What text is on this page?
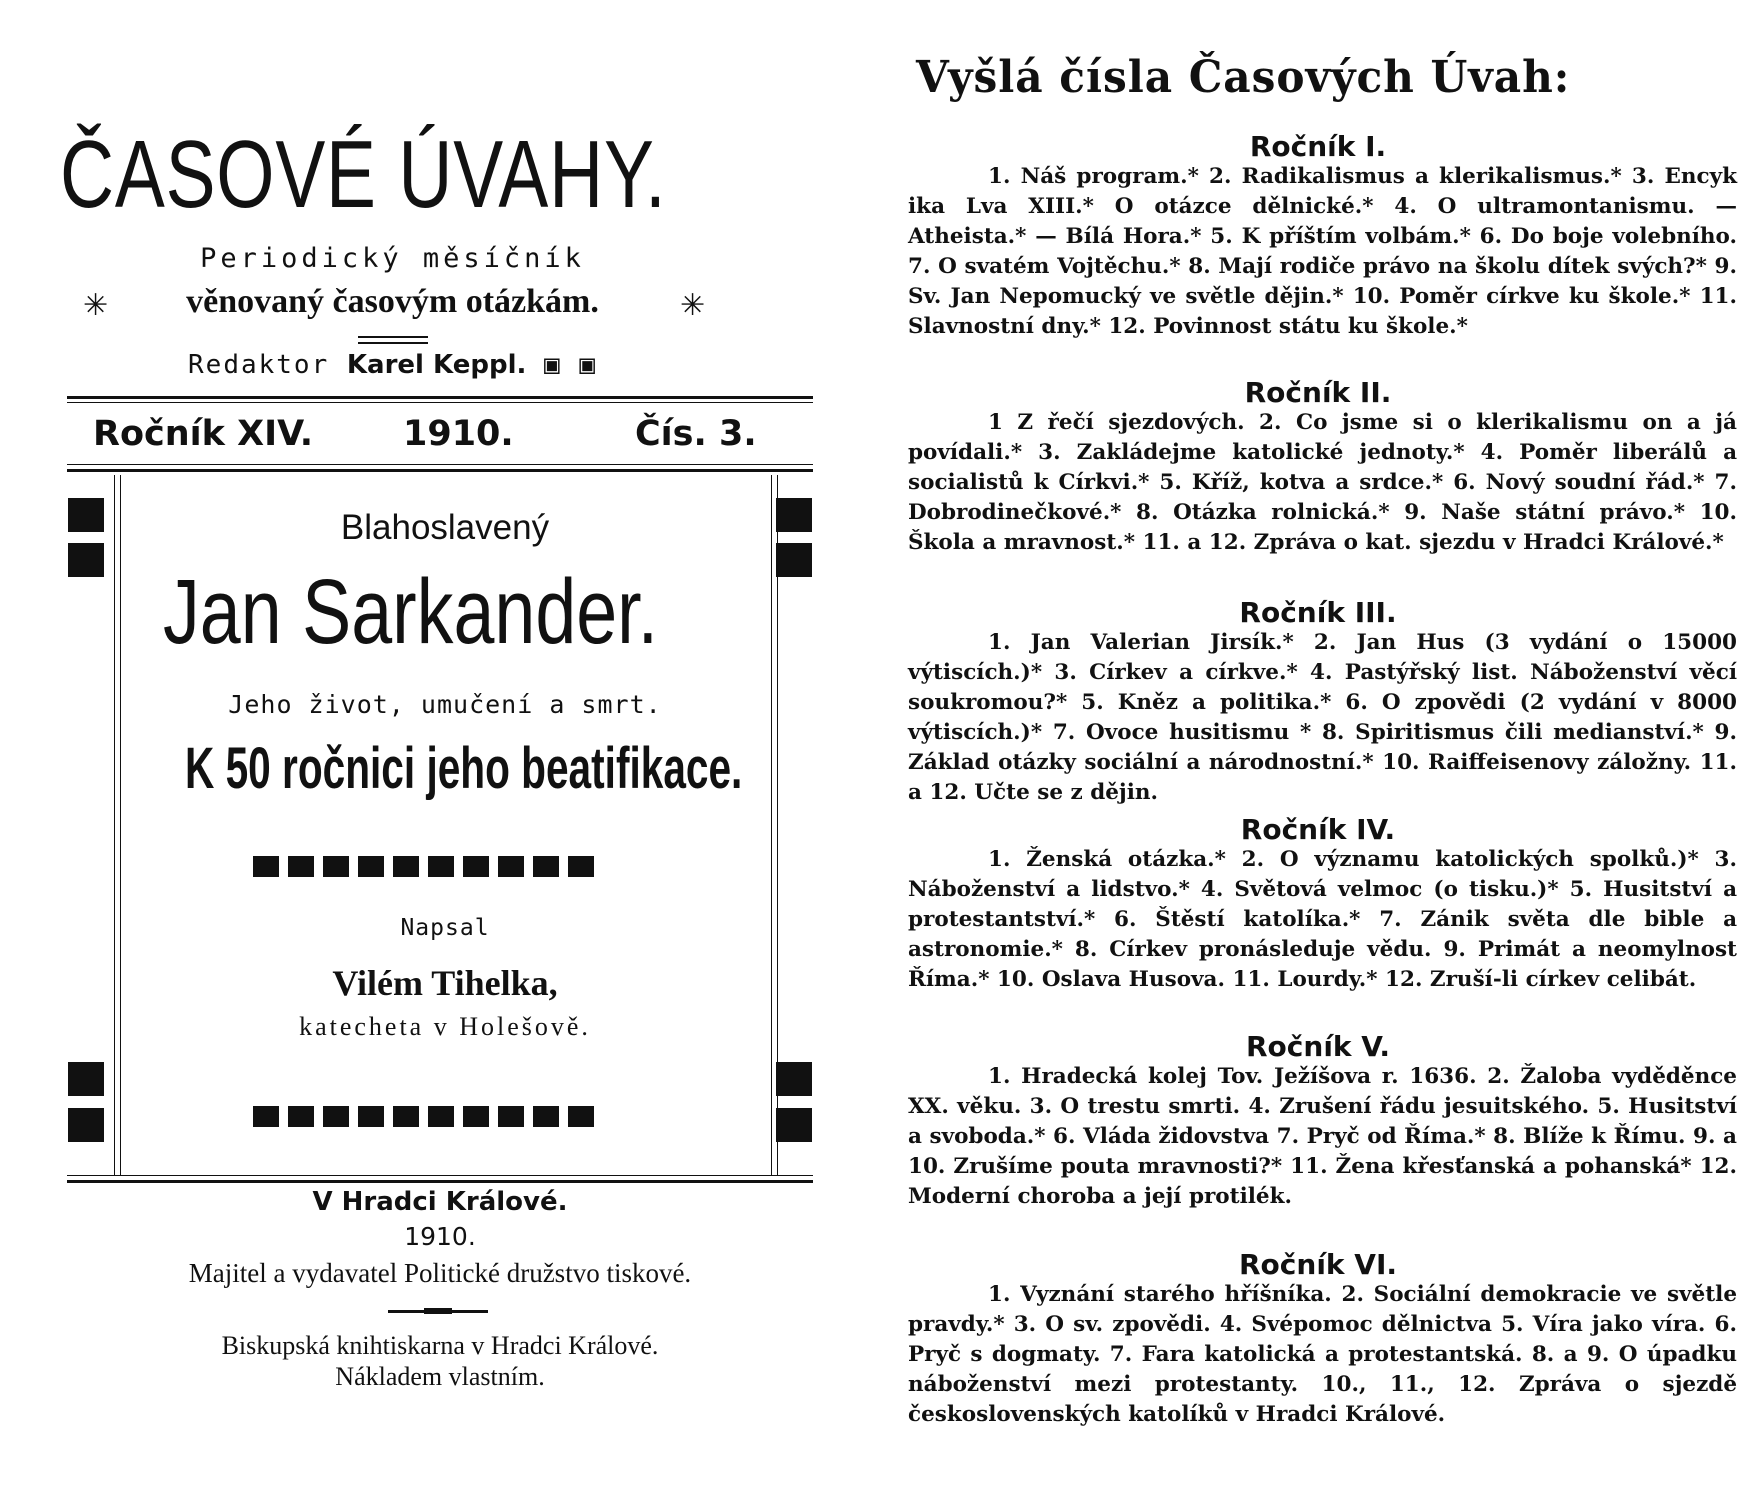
ČASOVÉ ÚVAHY.
Periodický měsíčník
✳	věnovaný časovým otázkám.	✳
Redaktor Karel Keppl. ▣ ▣
Ročník XIV.	1910.	Čís. 3.
Blahoslavený
Jan Sarkander.
Jeho život, umučení a smrt.
K 50 ročnici jeho beatifikace.
Napsal
Vilém Tihelka,
katecheta v Holešově.
V Hradci Králové.
1910.
Majitel a vydavatel Politické družstvo tiskové.
Biskupská knihtiskarna v Hradci Králové.
Nákladem vlastním.
Vyšlá čísla Časových Úvah:
Ročník I.
1. Náš program.* 2. Radikalismus a klerikalismus.* 3. Encyk ika Lva XIII.* O otázce dělnické.* 4. O ultramontanismu. — Atheista.* — Bílá Hora.* 5. K příštím volbám.* 6. Do boje volebního. 7. O svatém Vojtěchu.* 8. Mají rodiče právo na školu dítek svých?* 9. Sv. Jan Nepomucký ve světle dějin.* 10. Poměr církve ku škole.* 11. Slavnostní dny.* 12. Povinnost státu ku škole.*
Ročník II.
1 Z řečí sjezdových. 2. Co jsme si o klerikalismu on a já povídali.* 3. Zakládejme katolické jednoty.* 4. Poměr liberálů a socialistů k Církvi.* 5. Kříž, kotva a srdce.* 6. Nový soudní řád.* 7. Dobrodinečkové.* 8. Otázka rolnická.* 9. Naše státní právo.* 10. Škola a mravnost.* 11. a 12. Zpráva o kat. sjezdu v Hradci Králové.*
Ročník III.
1. Jan Valerian Jirsík.* 2. Jan Hus (3 vydání o 15000 výtiscích.)* 3. Církev a církve.* 4. Pastýřský list. Náboženství věcí soukromou?* 5. Kněz a politika.* 6. O zpovědi (2 vydání v 8000 výtiscích.)* 7. Ovoce husitismu * 8. Spiritismus čili medianství.* 9. Základ otázky sociální a národnostní.* 10. Raiffeisenovy záložny. 11. a 12. Učte se z dějin.
Ročník IV.
1. Ženská otázka.* 2. O významu katolických spolků.)* 3. Náboženství a lidstvo.* 4. Světová velmoc (o tisku.)* 5. Husitství a protestantství.* 6. Štěstí katolíka.* 7. Zánik světa dle bible a astronomie.* 8. Církev pronásleduje vědu. 9. Primát a neomylnost Říma.* 10. Oslava Husova. 11. Lourdy.* 12. Zruší-li církev celibát.
Ročník V.
1. Hradecká kolej Tov. Ježíšova r. 1636. 2. Žaloba vyděděnce XX. věku. 3. O trestu smrti. 4. Zrušení řádu jesuitského. 5. Husitství a svoboda.* 6. Vláda židovstva 7. Pryč od Říma.* 8. Blíže k Římu. 9. a 10. Zrušíme pouta mravnosti?* 11. Žena křesťanská a pohanská* 12. Moderní choroba a její protilék.
Ročník VI.
1. Vyznání starého hříšníka. 2. Sociální demokracie ve světle pravdy.* 3. O sv. zpovědi. 4. Svépomoc dělnictva 5. Víra jako víra. 6. Pryč s dogmaty. 7. Fara katolická a protestantská. 8. a 9. O úpadku náboženství mezi protestanty. 10., 11., 12. Zpráva o sjezdě československých katolíků v Hradci Králové.
